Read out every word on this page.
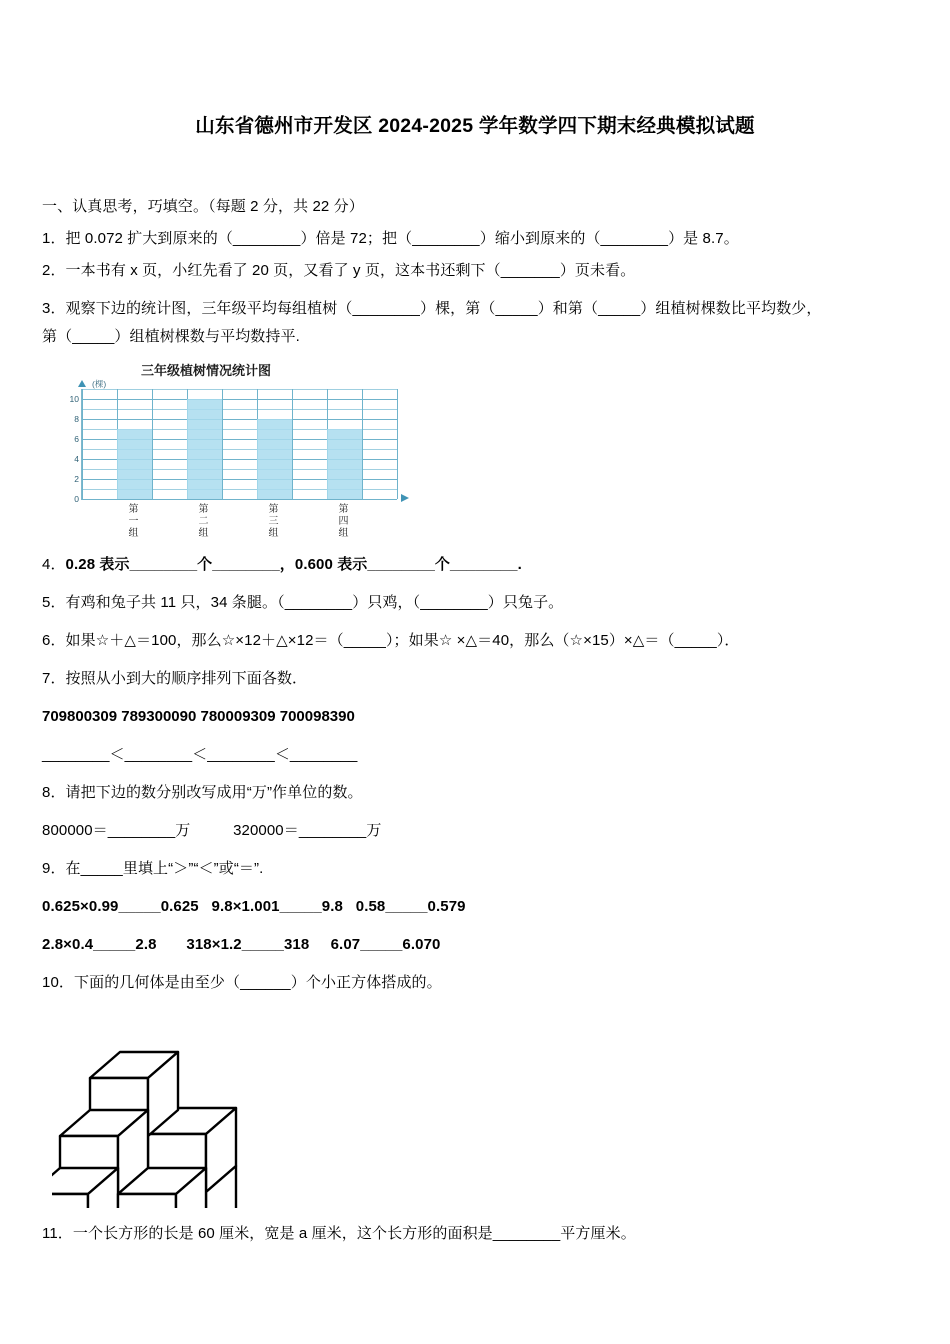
山东省德州市开发区 2024-2025 学年数学四下期末经典模拟试题
一、认真思考，巧填空。（每题 2 分，共 22 分）
1．把 0.072 扩大到原来的（________）倍是 72；把（________）缩小到原来的（________）是 8.7。
2．一本书有 x 页，小红先看了 20 页，又看了 y 页，这本书还剩下（_______）页未看。
3．观察下边的统计图，三年级平均每组植树（________）棵，第（_____）和第（_____）组植树棵数比平均数少，
第（_____）组植树棵数与平均数持平.
三年级植树情况统计图
(棵)
0
2
4
6
8
10
第
一
组
第
二
组
第
三
组
第
四
组
4．0.28 表示________个________，0.600 表示________个________.
5．有鸡和兔子共 11 只，34 条腿。（________）只鸡，（________）只兔子。
6．如果☆＋△＝100，那么☆×12＋△×12＝（_____）；如果☆ ×△＝40，那么（☆×15）×△＝（_____）．
7．按照从小到大的顺序排列下面各数．
709800309 789300090 780009309 700098390
________＜________＜________＜________
8．请把下边的数分别改写成用“万”作单位的数。
800000＝________万          320000＝________万
9．在_____里填上“＞”“＜”或“＝”.
0.625×0.99_____0.625   9.8×1.001_____9.8   0.58_____0.579
2.8×0.4_____2.8       318×1.2_____318     6.07_____6.070
10．下面的几何体是由至少（______）个小正方体搭成的。
11．一个长方形的长是 60 厘米，宽是 a 厘米，这个长方形的面积是________平方厘米。
